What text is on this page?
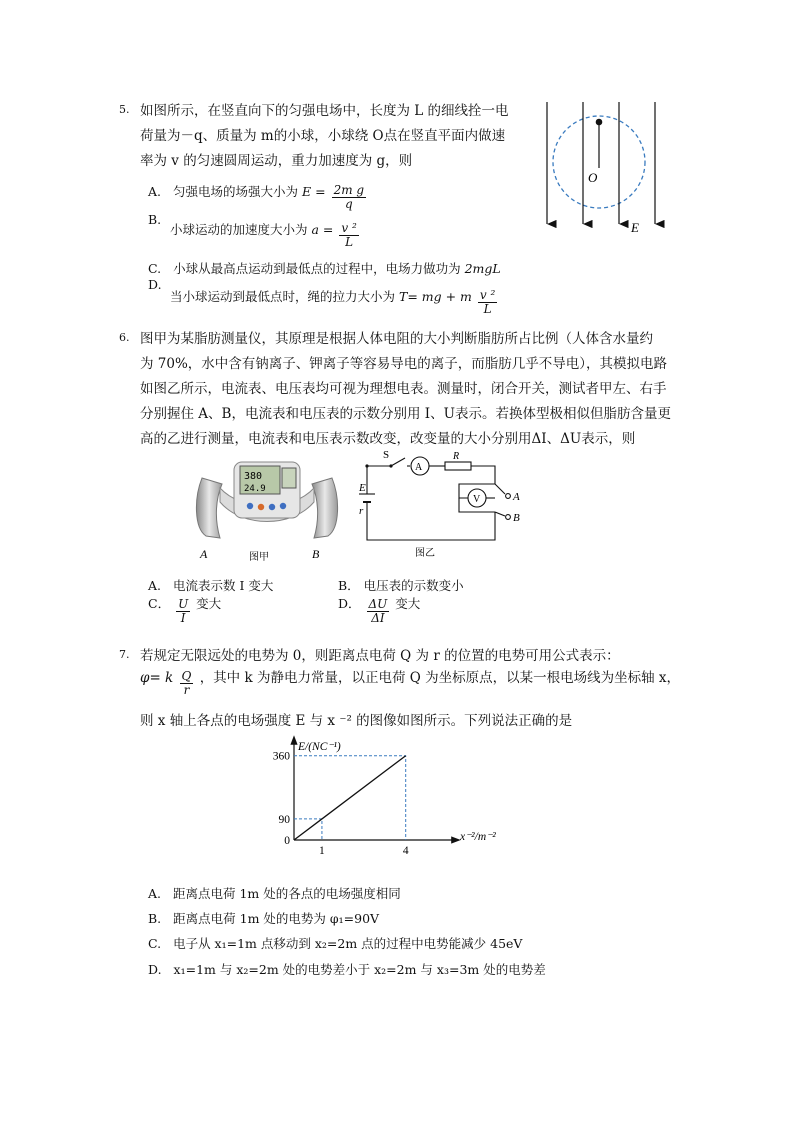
5. 如图所示，在竖直向下的匀强电场中，长度为 L 的细线拴一电
荷量为－q、质量为 m的小球，小球绕 O点在竖直平面内做速
率为 v 的匀速圆周运动，重力加速度为 g，则
A. 匀强电场的场强大小为 $E = \frac{\text{2m g}}{q}$
B.
小球运动的加速度大小为 $a = \frac{\text{v ²}}{L}$
C. 小球从最高点运动到最低点的过程中，电场力做功为 2mgL
D.
当小球运动到最低点时，绳的拉力大小为 T= mg + m $\frac{\text{v ²}}{L}$
O
E
6. 图甲为某脂肪测量仪，其原理是根据人体电阻的大小判断脂肪所占比例（人体含水量约
为 70%，水中含有钠离子、钾离子等容易导电的离子，而脂肪几乎不导电），其模拟电路
如图乙所示，电流表、电压表均可视为理想电表。测量时，闭合开关，测试者甲左、右手
分别握住 A、B，电流表和电压表的示数分别用 I、U表示。若换体型极相似但脂肪含量更
高的乙进行测量，电流表和电压表示数改变，改变量的大小分别用ΔI、ΔU表示，则
380
24.9
A	图甲	B
S
A
R
V
E
r
A
B
图乙
A. 电流表示数 I 变大	B． 电压表的示数变小
C． $\frac{U}{I}$ 变大	D． $\frac{\Delta U}{\Delta I}$ 变大
7. 若规定无限远处的电势为 0，则距离点电荷 Q 为 r 的位置的电势可用公式表示：
φ= k $\frac{Q}{r}$ ，其中 k 为静电力常量，以正电荷 Q 为坐标原点，以某一根电场线为坐标轴 x，
则 x 轴上各点的电场强度 E 与 x ⁻² 的图像如图所示。下列说法正确的是
90
1
360
4
0
E/(NC⁻¹)
x⁻²/m⁻²
A. 距离点电荷 1m 处的各点的电场强度相同
B. 距离点电荷 1m 处的电势为 φ₁=90V
C. 电子从 x₁=1m 点移动到 x₂=2m 点的过程中电势能减少 45eV
D. x₁=1m 与 x₂=2m 处的电势差小于 x₂=2m 与 x₃=3m 处的电势差
